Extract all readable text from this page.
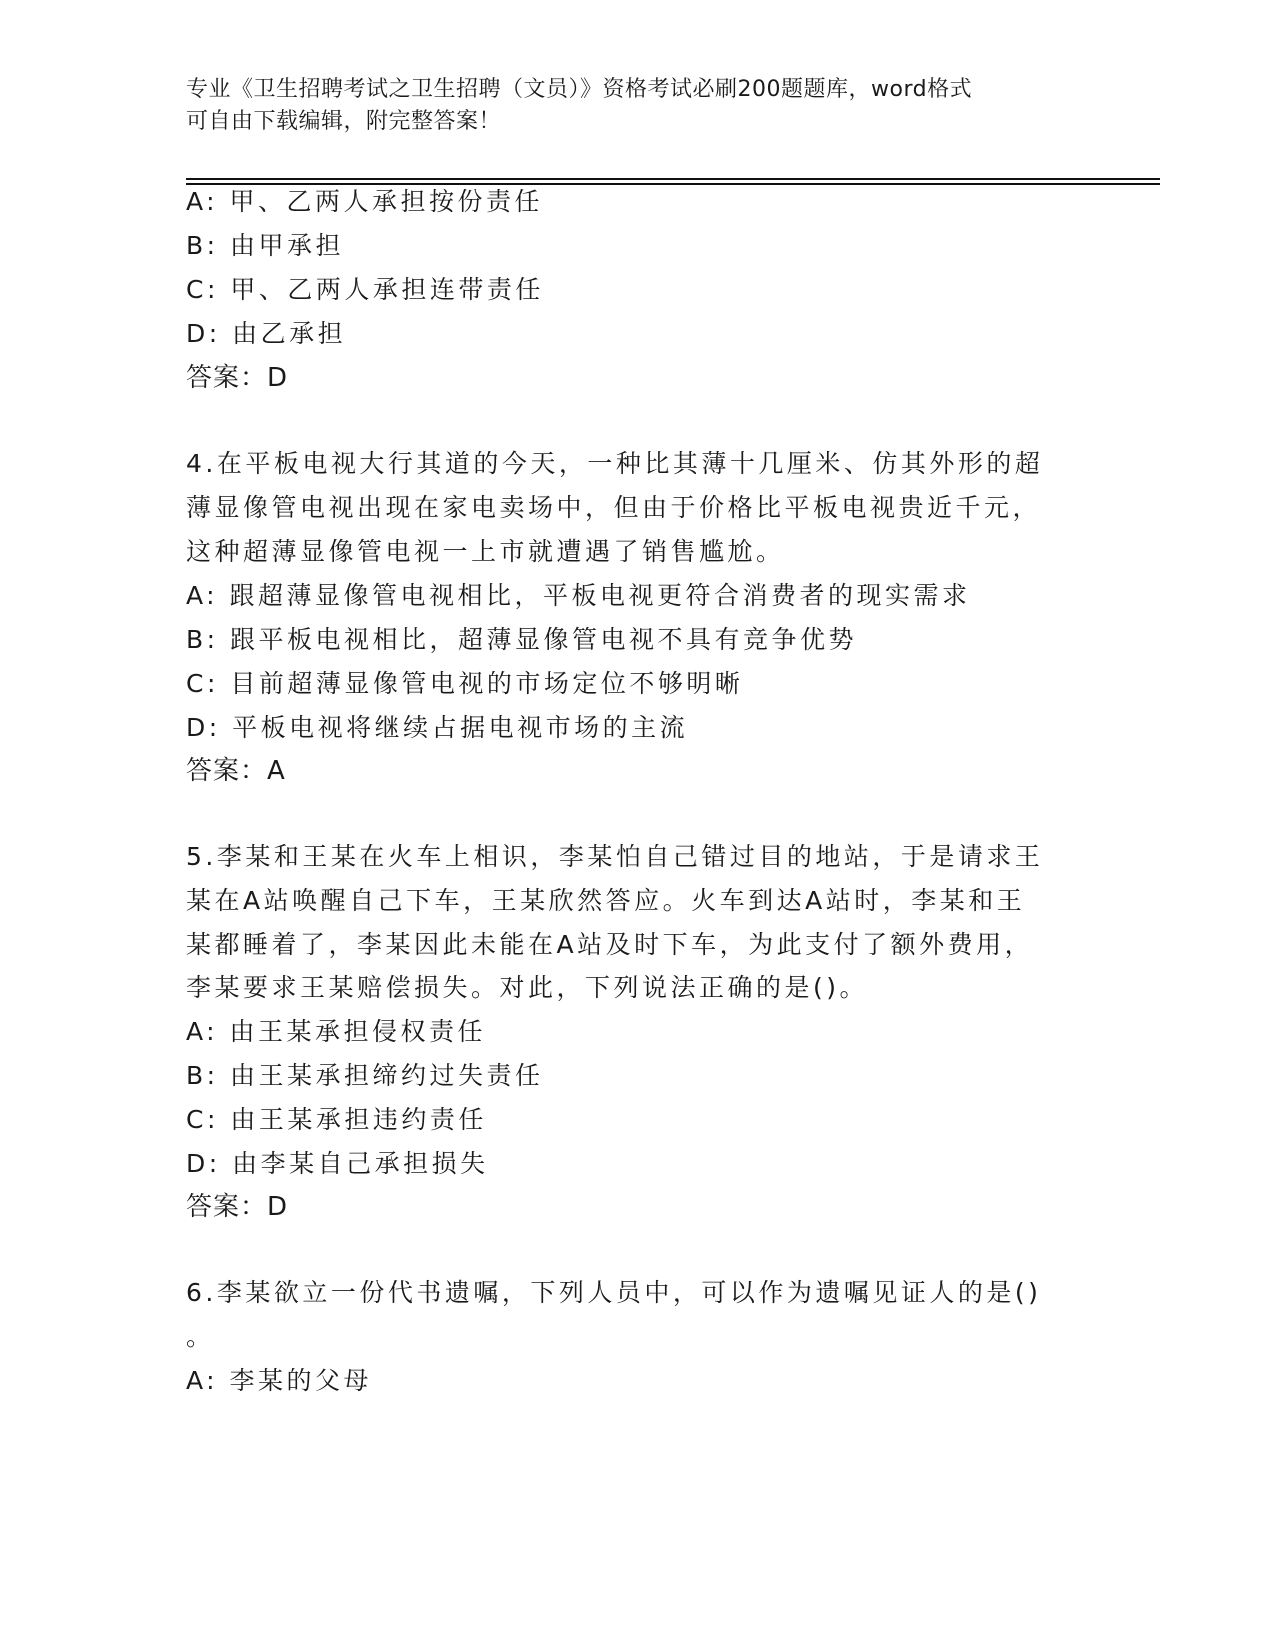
专业《卫生招聘考试之卫生招聘（文员）》资格考试必刷200题题库，word格式
可自由下载编辑，附完整答案！
A: 甲、乙两人承担按份责任
B: 由甲承担
C: 甲、乙两人承担连带责任
D: 由乙承担
答案：D
4.在平板电视大行其道的今天，一种比其薄十几厘米、仿其外形的超
薄显像管电视出现在家电卖场中，但由于价格比平板电视贵近千元，
这种超薄显像管电视一上市就遭遇了销售尴尬。
A: 跟超薄显像管电视相比，平板电视更符合消费者的现实需求
B: 跟平板电视相比，超薄显像管电视不具有竞争优势
C: 目前超薄显像管电视的市场定位不够明晰
D: 平板电视将继续占据电视市场的主流
答案：A
5.李某和王某在火车上相识，李某怕自己错过目的地站，于是请求王
某在A站唤醒自己下车，王某欣然答应。火车到达A站时，李某和王
某都睡着了，李某因此未能在A站及时下车，为此支付了额外费用，
李某要求王某赔偿损失。对此，下列说法正确的是()。
A: 由王某承担侵权责任
B: 由王某承担缔约过失责任
C: 由王某承担违约责任
D: 由李某自己承担损失
答案：D
6.李某欲立一份代书遗嘱，下列人员中，可以作为遗嘱见证人的是()
。
A: 李某的父母
